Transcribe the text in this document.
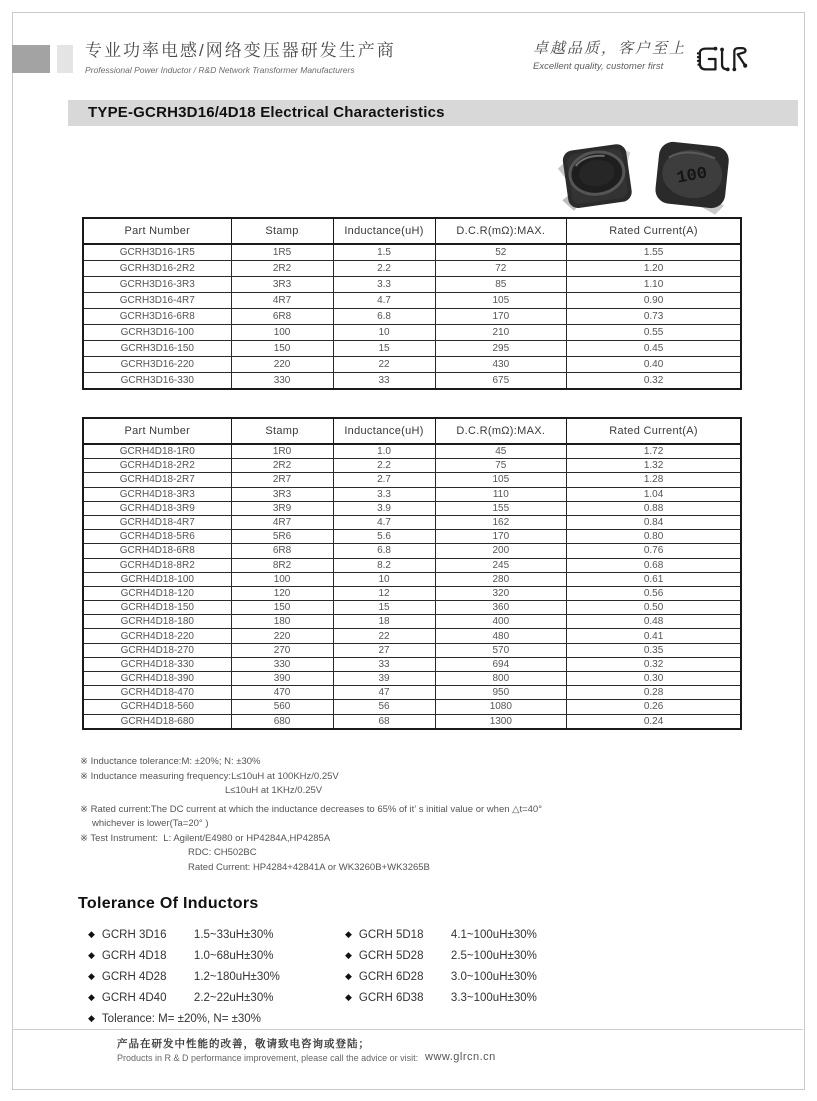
专业功率电感/网络变压器研发生产商
Professional Power Inductor / R&D Network Transformer Manufacturers
卓越品质，客户至上
Excellent quality, customer first
TYPE-GCRH3D16/4D18 Electrical Characteristics
100
Part Number	Stamp	Inductance(uH)	D.C.R(mΩ):MAX.	Rated Current(A)
GCRH3D16-1R5	1R5	1.5	52	1.55
GCRH3D16-2R2	2R2	2.2	72	1.20
GCRH3D16-3R3	3R3	3.3	85	1.10
GCRH3D16-4R7	4R7	4.7	105	0.90
GCRH3D16-6R8	6R8	6.8	170	0.73
GCRH3D16-100	100	10	210	0.55
GCRH3D16-150	150	15	295	0.45
GCRH3D16-220	220	22	430	0.40
GCRH3D16-330	330	33	675	0.32
Part Number	Stamp	Inductance(uH)	D.C.R(mΩ):MAX.	Rated Current(A)
GCRH4D18-1R0	1R0	1.0	45	1.72
GCRH4D18-2R2	2R2	2.2	75	1.32
GCRH4D18-2R7	2R7	2.7	105	1.28
GCRH4D18-3R3	3R3	3.3	110	1.04
GCRH4D18-3R9	3R9	3.9	155	0.88
GCRH4D18-4R7	4R7	4.7	162	0.84
GCRH4D18-5R6	5R6	5.6	170	0.80
GCRH4D18-6R8	6R8	6.8	200	0.76
GCRH4D18-8R2	8R2	8.2	245	0.68
GCRH4D18-100	100	10	280	0.61
GCRH4D18-120	120	12	320	0.56
GCRH4D18-150	150	15	360	0.50
GCRH4D18-180	180	18	400	0.48
GCRH4D18-220	220	22	480	0.41
GCRH4D18-270	270	27	570	0.35
GCRH4D18-330	330	33	694	0.32
GCRH4D18-390	390	39	800	0.30
GCRH4D18-470	470	47	950	0.28
GCRH4D18-560	560	56	1080	0.26
GCRH4D18-680	680	68	1300	0.24
※ Inductance tolerance:M: ±20%; N: ±30%
※ Inductance measuring frequency:L≤10uH at 100KHz/0.25V
L≤10uH at 1KHz/0.25V
※ Rated current:The DC current at which the inductance decreases to 65% of it’ s initial value or when △t=40°
whichever is lower(Ta=20° )
※ Test Instrument:  L: Agilent/E4980 or HP4284A,HP4285A
RDC: CH502BC
Rated Current: HP4284+42841A or WK3260B+WK3265B
Tolerance Of Inductors
◆ GCRH 3D16 1.5~33uH±30%
◆ GCRH 4D18 1.0~68uH±30%
◆ GCRH 4D28 1.2~180uH±30%
◆ GCRH 4D40 2.2~22uH±30%
◆ Tolerance: M= ±20%, N= ±30%
◆ GCRH 5D18 4.1~100uH±30%
◆ GCRH 5D28 2.5~100uH±30%
◆ GCRH 6D28 3.0~100uH±30%
◆ GCRH 6D38 3.3~100uH±30%
产品在研发中性能的改善，敬请致电咨询或登陆；
Products in R & D performance improvement, please call the advice or visit: www.glrcn.cn
